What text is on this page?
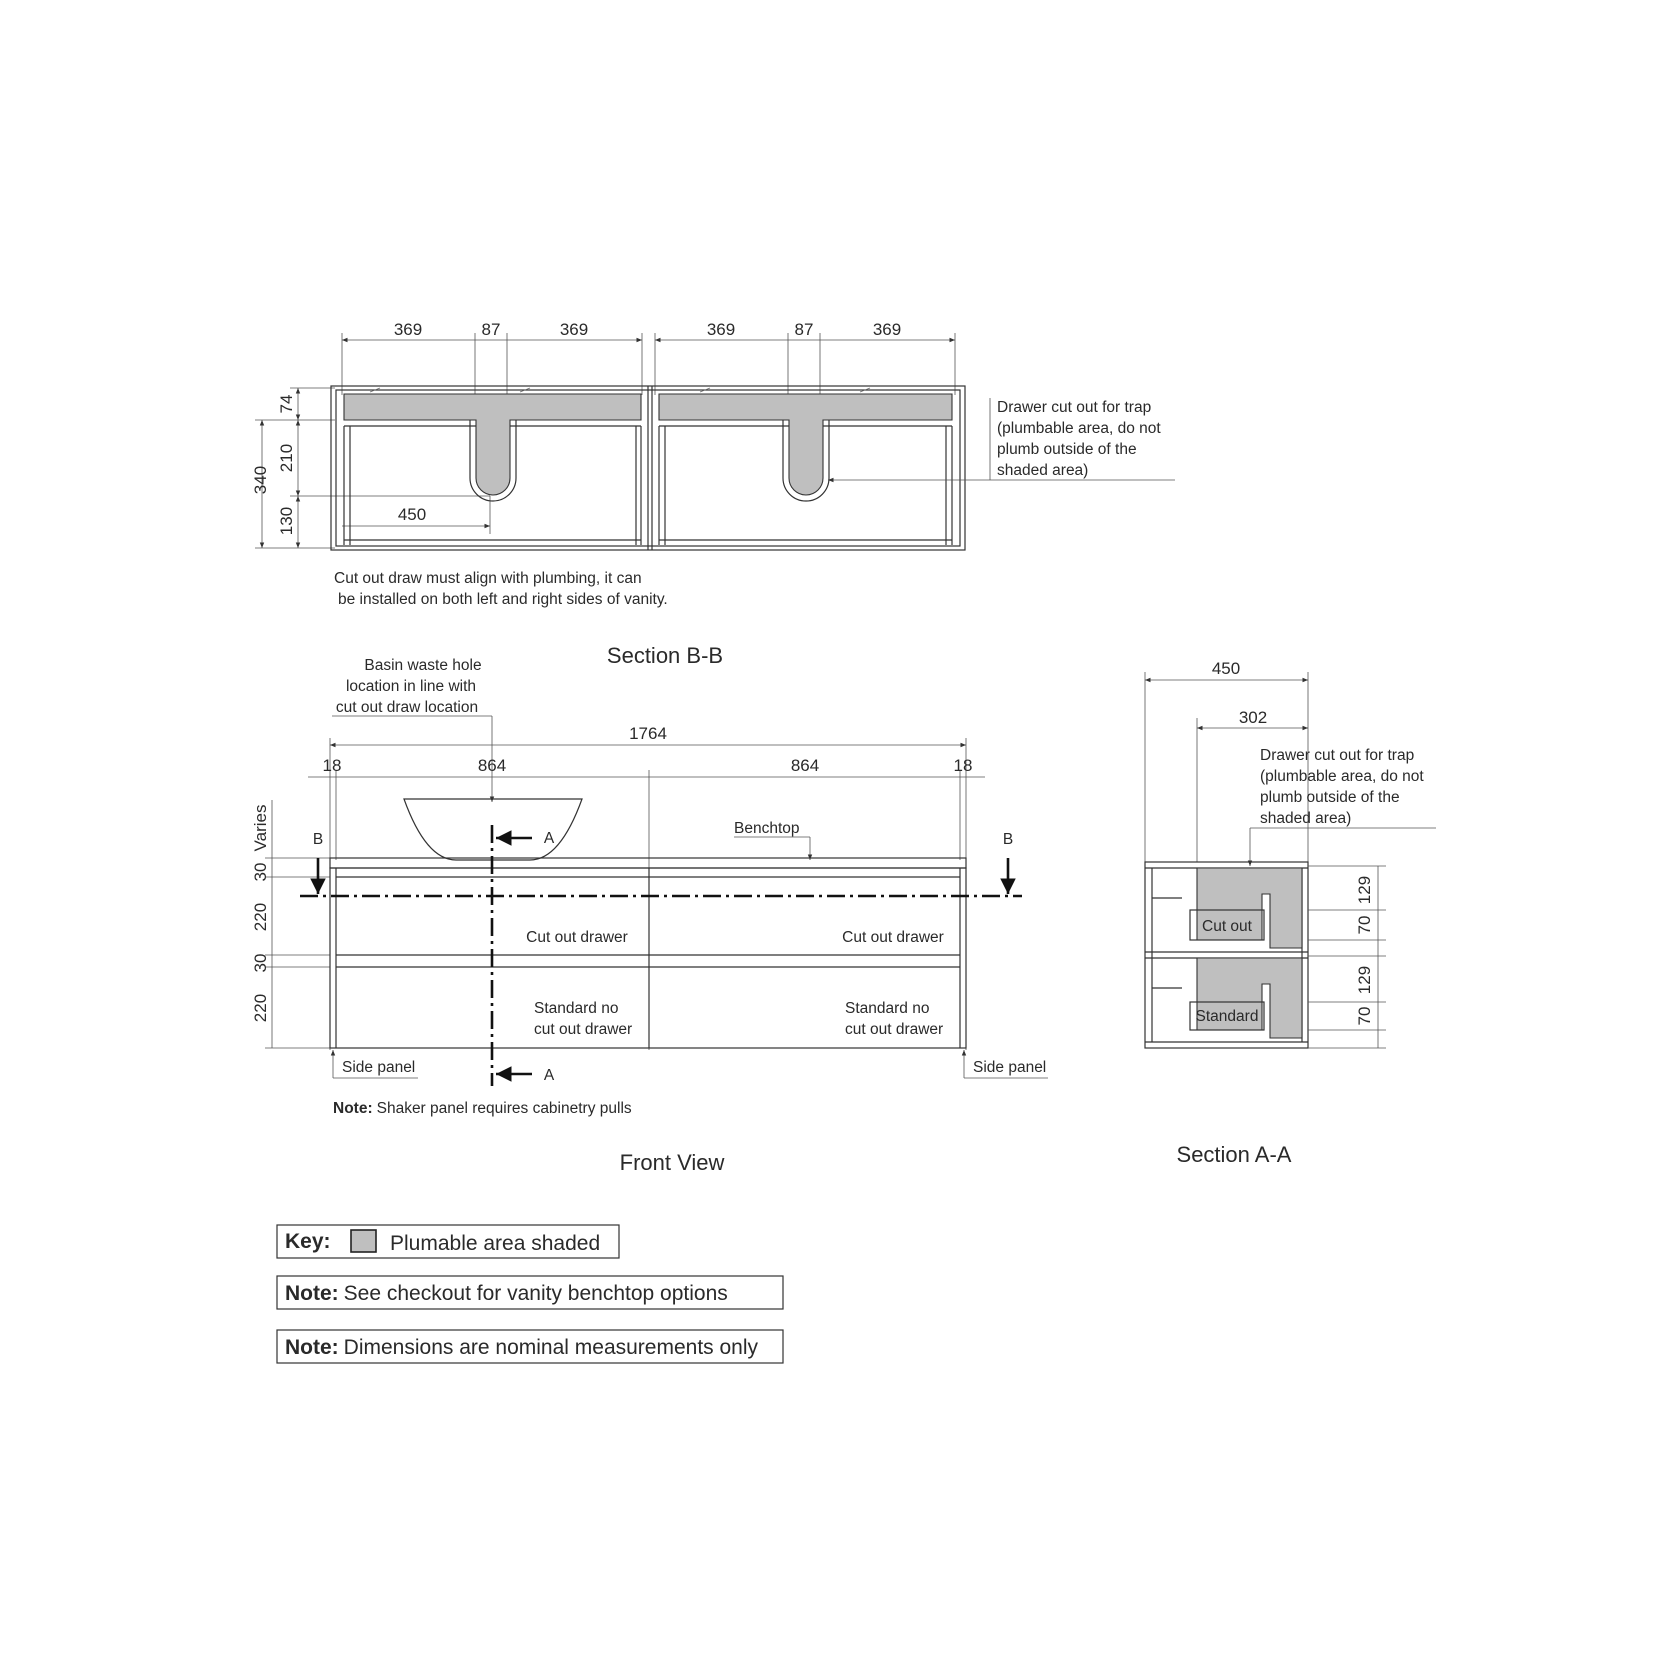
369	87	369	369	87	369
340
74
210
130	450
Drawer cut out for trap
(plumbable area, do not
plumb outside of the
shaded area)
Cut out draw must align with plumbing, it can
be installed on both left and right sides of vanity.
Section B-B
Basin waste hole
location in line with
cut out draw location
1764
18	864	864	18
Varies
30
220
30
220
B	B
A
A
Benchtop
Cut out drawer	Cut out drawer
Standard no
cut out drawer
Standard no
cut out drawer
Side panel	Side panel
Note: Shaker panel requires cabinetry pulls
Front View
450
302
Drawer cut out for trap
(plumbable area, do not
plumb outside of the
shaded area)
Cut out
Standard
129
70
129
70
Section A-A
Key:	Plumable area shaded
Note: See checkout for vanity benchtop options
Note: Dimensions are nominal measurements only
